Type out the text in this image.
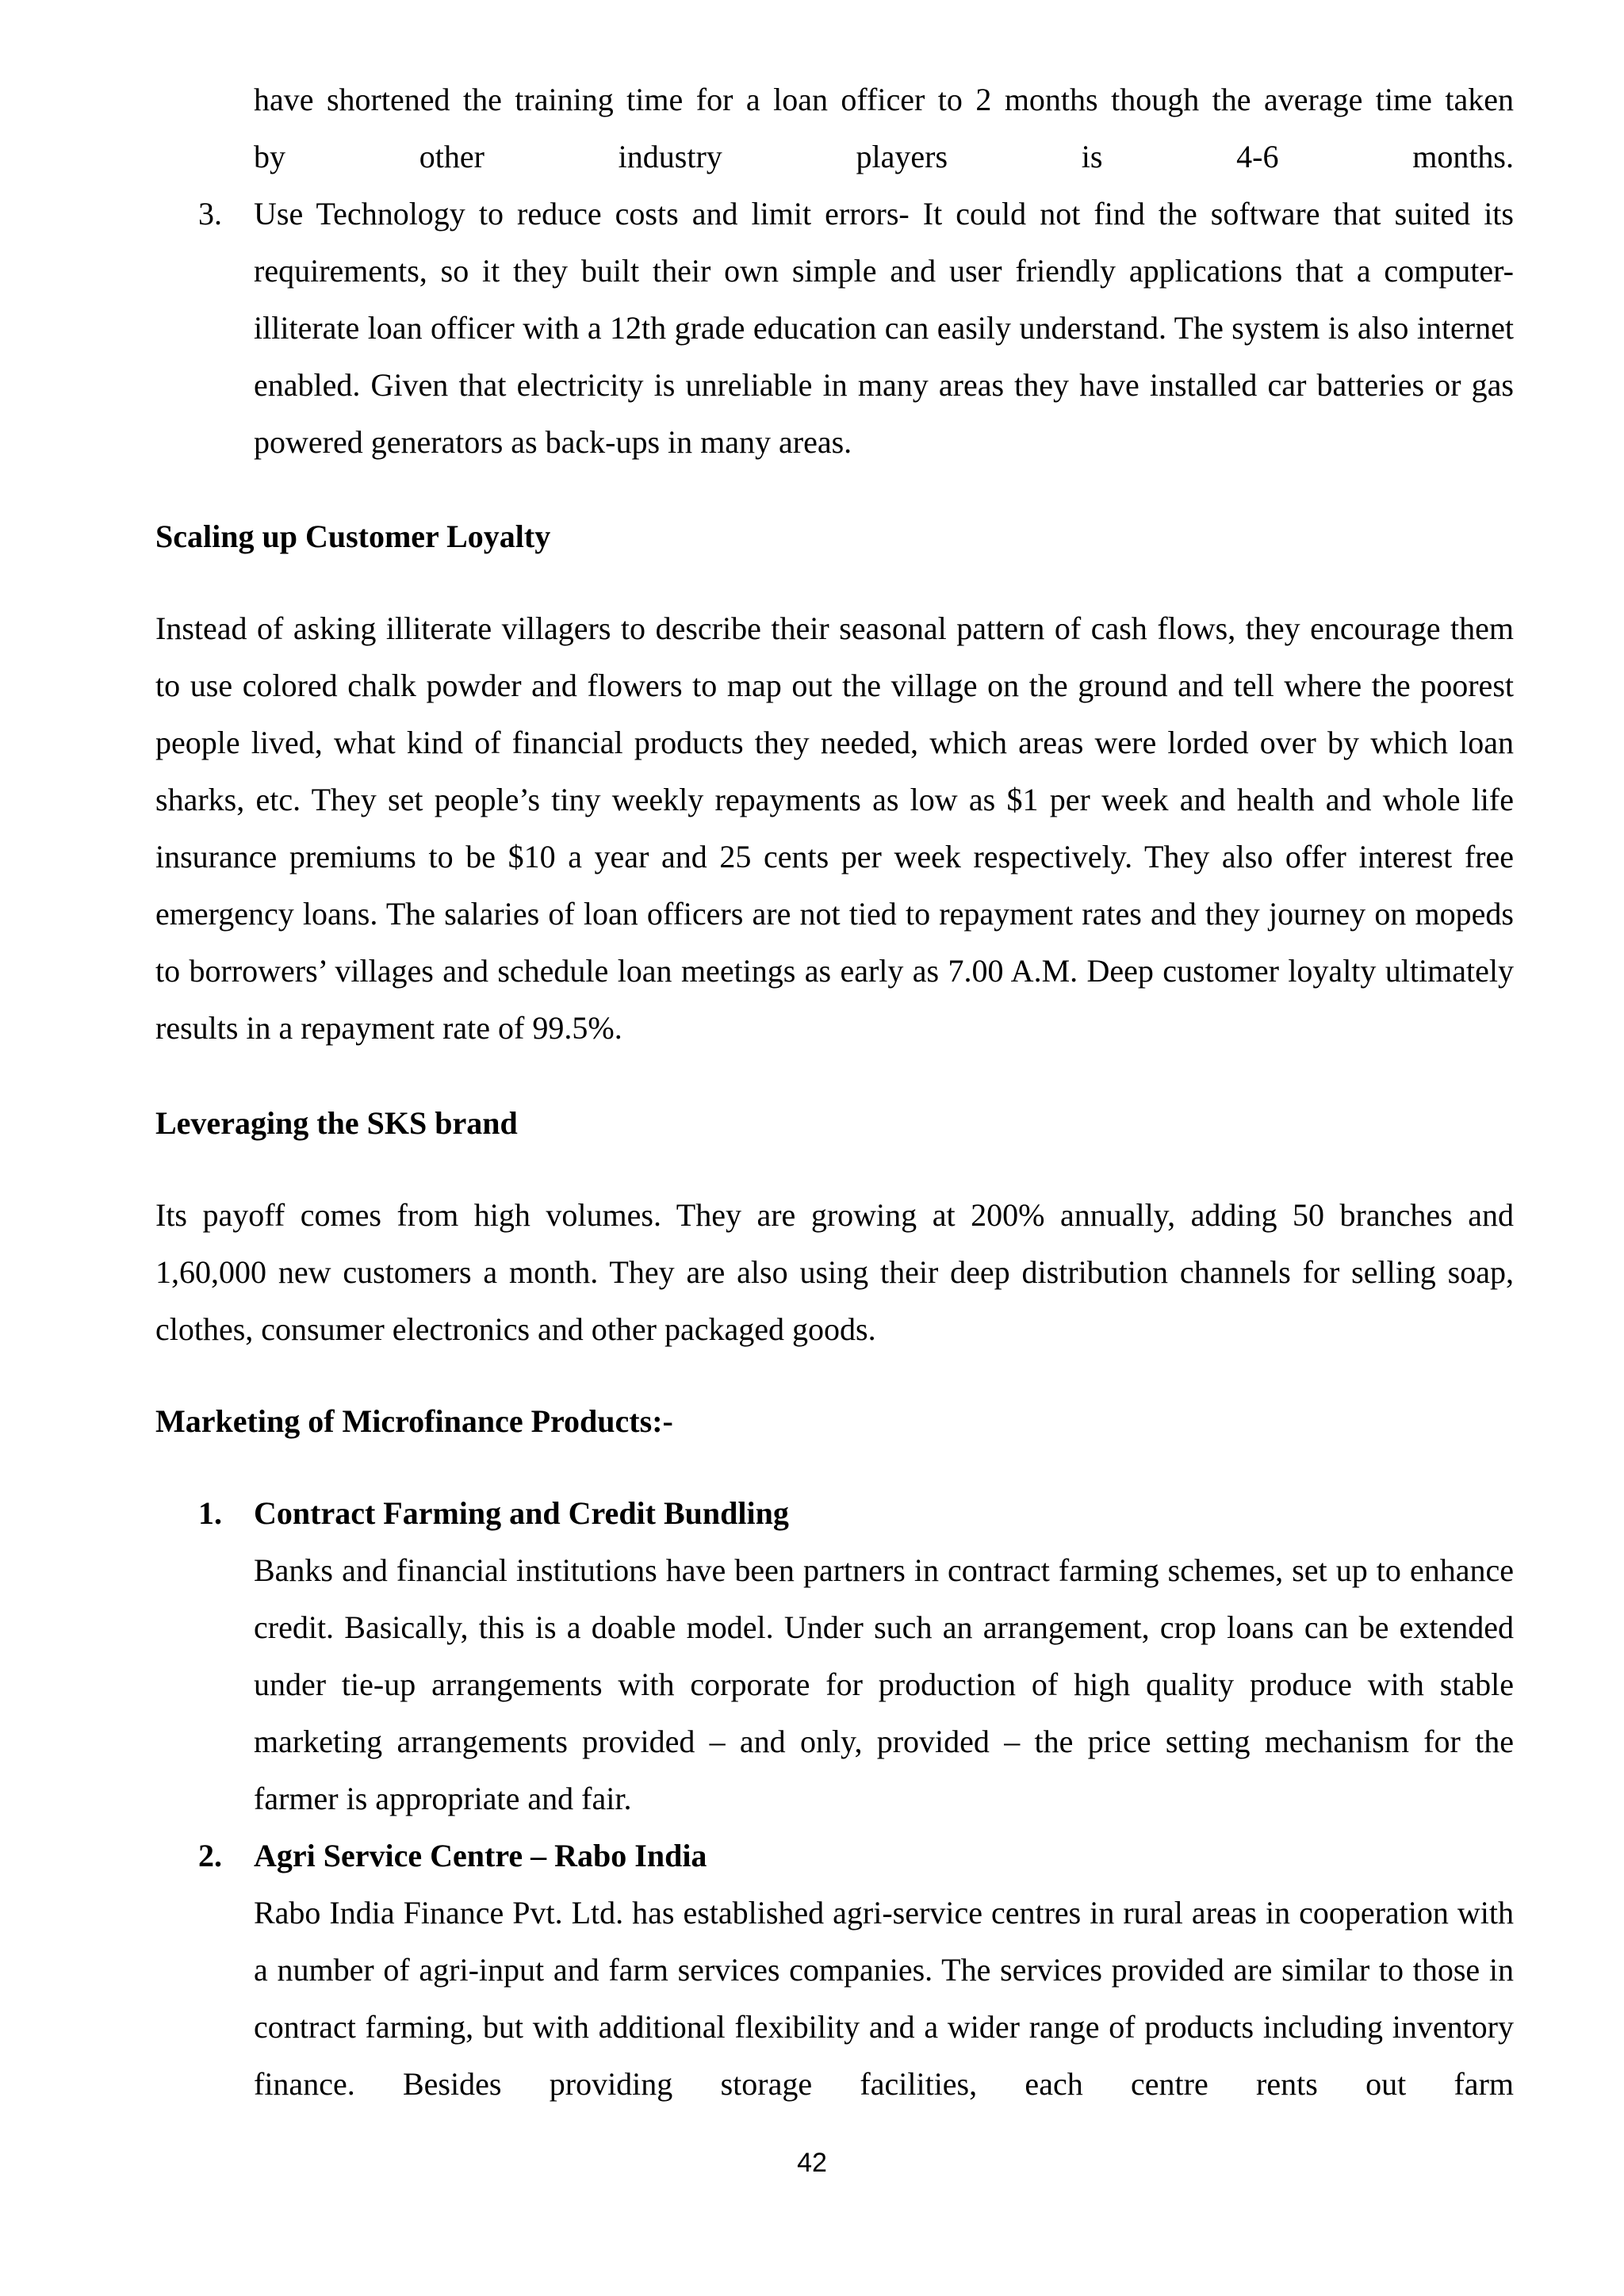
have shortened the training time for a loan officer to 2 months though the average time taken
by other industry players is 4-6 months.
3.	Use Technology to reduce costs and limit errors- It could not find the software that suited its requirements, so it they built their own simple and user friendly applications that a computer-illiterate loan officer with a 12th grade education can easily understand. The system is also internet enabled. Given that electricity is unreliable in many areas they have installed car batteries or gas powered generators as back-ups in many areas.
Scaling up Customer Loyalty
Instead of asking illiterate villagers to describe their seasonal pattern of cash flows, they encourage them to use colored chalk powder and flowers to map out the village on the ground and tell where the poorest people lived, what kind of financial products they needed, which areas were lorded over by which loan sharks, etc. They set people’s tiny weekly repayments as low as $1 per week and health and whole life insurance premiums to be $10 a year and 25 cents per week respectively. They also offer interest free emergency loans. The salaries of loan officers are not tied to repayment rates and they journey on mopeds to borrowers’ villages and schedule loan meetings as early as 7.00 A.M. Deep customer loyalty ultimately results in a repayment rate of 99.5%.
Leveraging the SKS brand
Its payoff comes from high volumes. They are growing at 200% annually, adding 50 branches and 1,60,000 new customers a month. They are also using their deep distribution channels for selling soap, clothes, consumer electronics and other packaged goods.
Marketing of Microfinance Products:-
1.	Contract Farming and Credit Bundling
Banks and financial institutions have been partners in contract farming schemes, set up to enhance credit. Basically, this is a doable model. Under such an arrangement, crop loans can be extended under tie-up arrangements with corporate for production of high quality produce with stable marketing arrangements provided – and only, provided – the price setting mechanism for the farmer is appropriate and fair.
2.	Agri Service Centre – Rabo India
Rabo India Finance Pvt. Ltd. has established agri-service centres in rural areas in cooperation with a number of agri-input and farm services companies. The services provided are similar to those in contract farming, but with additional flexibility and a wider range of products including inventory finance. Besides providing storage facilities, each centre rents out farm
42
